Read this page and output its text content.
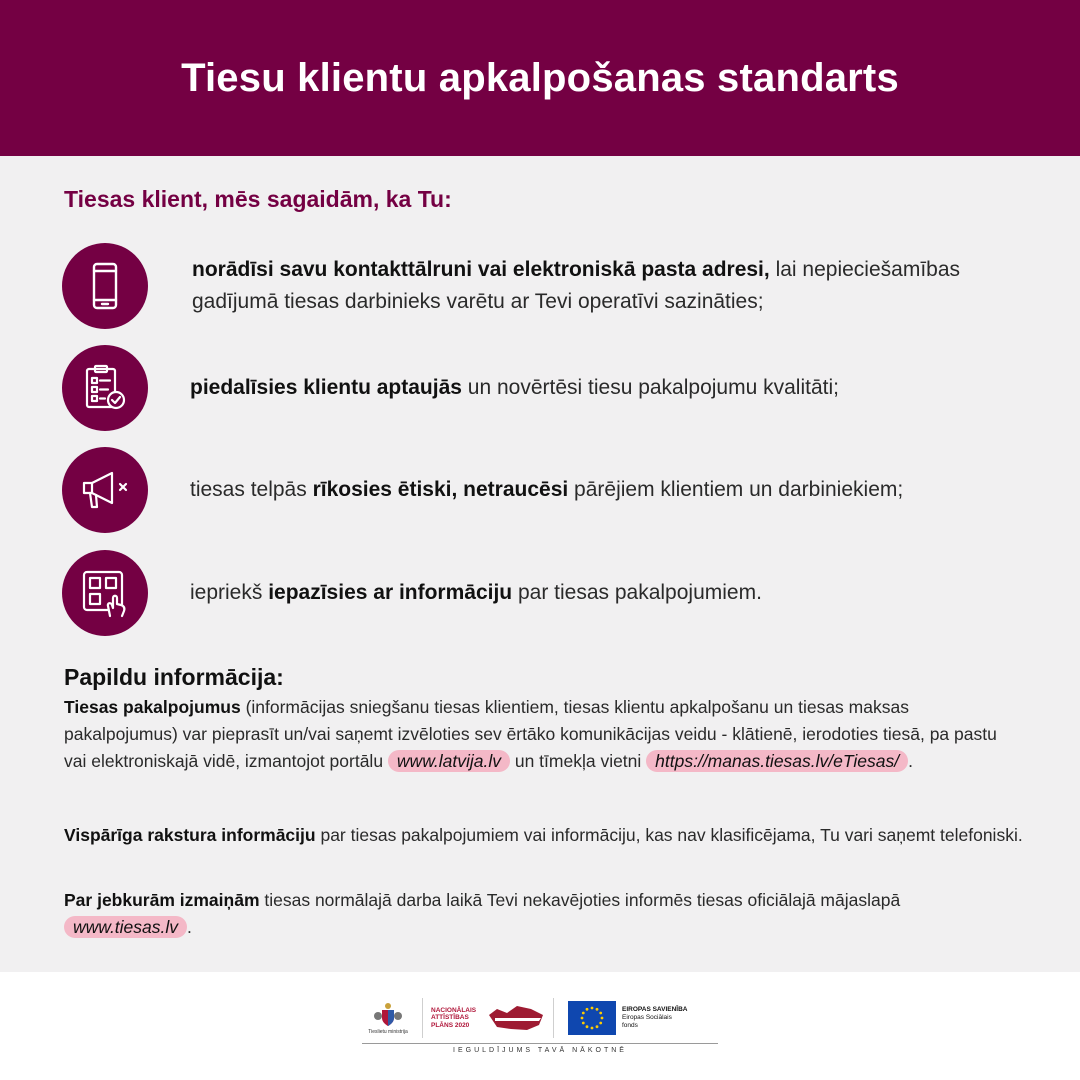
Tiesu klientu apkalpošanas standarts
Tiesas klient, mēs sagaidām, ka Tu:
norādīsi savu kontakttālruni vai elektroniskā pasta adresi, lai nepieciešamības gadījumā tiesas darbinieks varētu ar Tevi operatīvi sazināties;
piedalīsies klientu aptaujās un novērtēsi tiesu pakalpojumu kvalitāti;
tiesas telpās rīkosies ētiski, netraucēsi pārējiem klientiem un darbiniekiem;
iepriekš iepazīsies ar informāciju par tiesas pakalpojumiem.
Papildu informācija:
Tiesas pakalpojumus (informācijas sniegšanu tiesas klientiem, tiesas klientu apkalpošanu un tiesas maksas pakalpojumus) var pieprasīt un/vai saņemt izvēloties sev ērtāko komunikācijas veidu - klātienē, ierodoties tiesā, pa pastu vai elektroniskajā vidē, izmantojot portālu www.latvija.lv un tīmekļa vietni https://manas.tiesas.lv/eTiesas/ .
Vispārīga rakstura informāciju par tiesas pakalpojumiem vai informāciju, kas nav klasificējama, Tu vari saņemt telefoniski.
Par jebkurām izmaiņām tiesas normālajā darba laikā Tevi nekavējoties informēs tiesas oficiālajā mājaslapā www.tiesas.lv .
Tieslietu ministrija
NACIONĀLAIS
ATTĪSTĪBAS
PLĀNS 2020
EIROPAS SAVIENĪBA
Eiropas Sociālais
fonds
IEGULDĪJUMS TAVĀ NĀKOTNĒ
